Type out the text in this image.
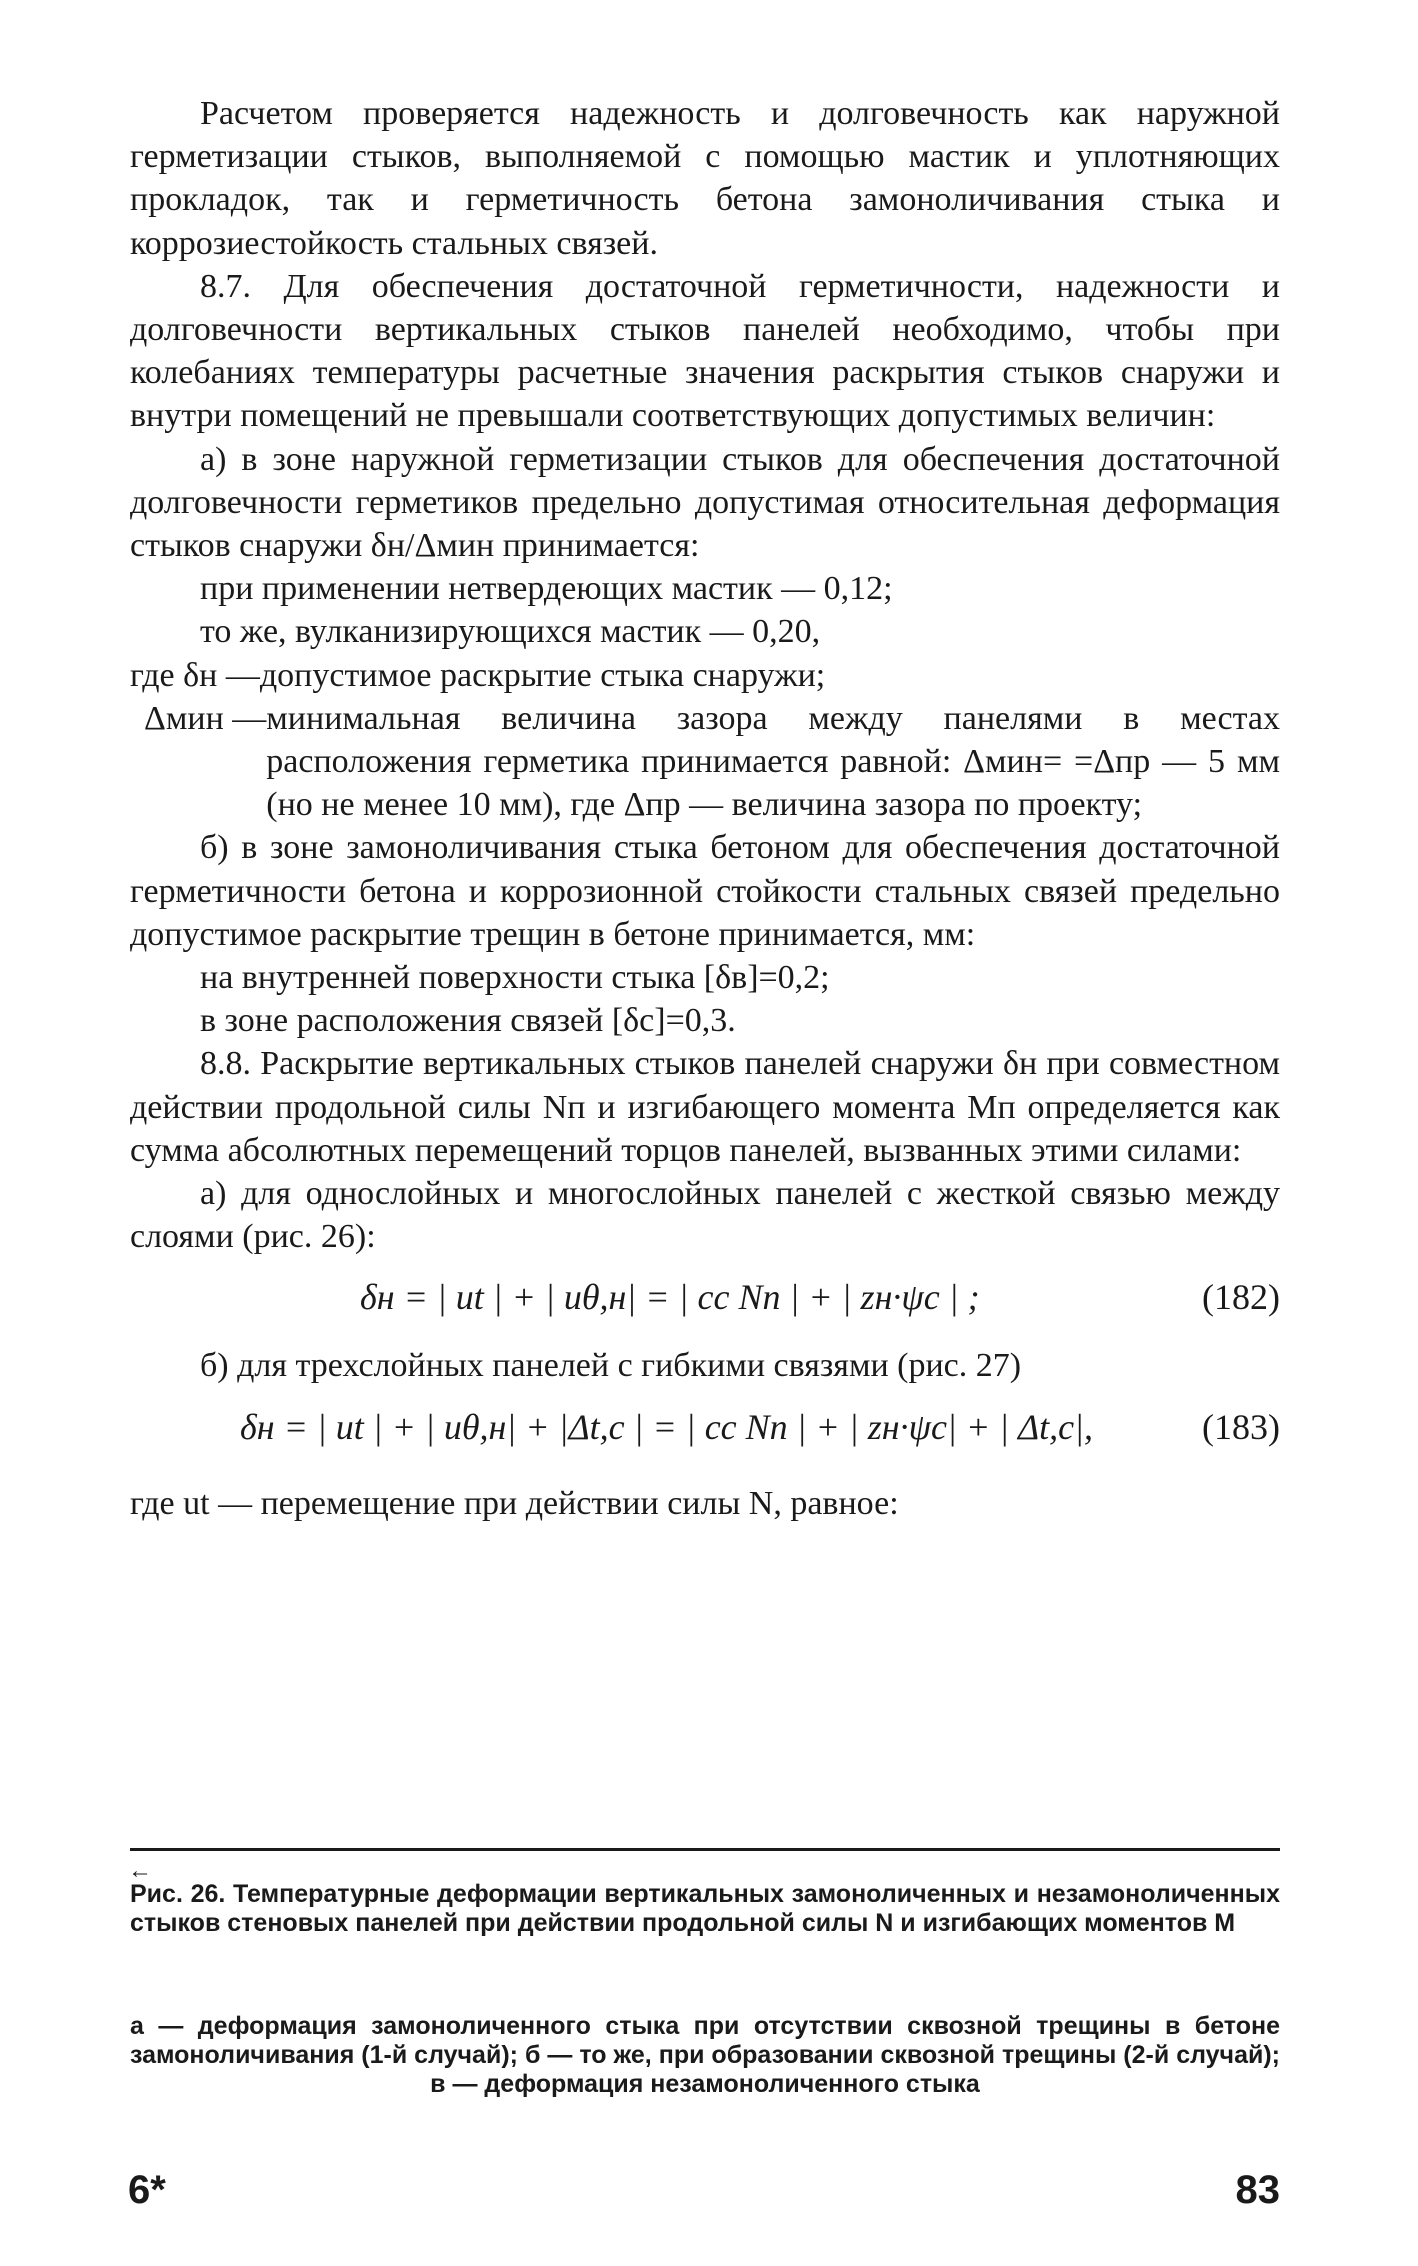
Расчетом проверяется надежность и долговечность как наружной герметизации стыков, выполняемой с помощью мастик и уплотняющих прокладок, так и герметичность бетона замоноличивания стыка и коррозиестойкость стальных связей.

8.7. Для обеспечения достаточной герметичности, надежности и долговечности вертикальных стыков панелей необходимо, чтобы при колебаниях температуры расчетные значения раскрытия стыков снаружи и внутри помещений не превышали соответствующих допустимых величин:

а) в зоне наружной герметизации стыков для обеспечения достаточной долговечности герметиков предельно допустимая относительная деформация стыков снаружи δн/Δмин принимается:

при применении нетвердеющих мастик — 0,12;

то же, вулканизирующихся мастик — 0,20,

где δн — допустимое раскрытие стыка снаружи;
Δмин — минимальная величина зазора между панелями в местах расположения герметика принимается равной: Δмин= =Δпр — 5 мм (но не менее 10 мм), где Δпр — величина зазора по проекту;

б) в зоне замоноличивания стыка бетоном для обеспечения достаточной герметичности бетона и коррозионной стойкости стальных связей предельно допустимое раскрытие трещин в бетоне принимается, мм:

на внутренней поверхности стыка [δв]=0,2;

в зоне расположения связей [δс]=0,3.

8.8. Раскрытие вертикальных стыков панелей снаружи δн при совместном действии продольной силы Nп и изгибающего момента Мп определяется как сумма абсолютных перемещений торцов панелей, вызванных этими силами:

а) для однослойных и многослойных панелей с жесткой связью между слоями (рис. 26):

δн = | ut | + | uθ,н| = | cс Nп | + | zн·ψс | ;	(182)

б) для трехслойных панелей с гибкими связями (рис. 27)

δн = | ut | + | uθ,н| + |Δt,c | = | cс Nп | + | zн·ψс| + | Δt,c|,	(183)

где ut — перемещение при действии силы N, равное:

←
Рис. 26. Температурные деформации вертикальных замоноличенных и незамоноличенных стыков стеновых панелей при действии продольной силы N и изгибающих моментов М
а — деформация замоноличенного стыка при отсутствии сквозной трещины в бетоне замоноличивания (1-й случай); б — то же, при образовании сквозной трещины (2-й случай); в — деформация незамоноличенного стыка
6*	83
